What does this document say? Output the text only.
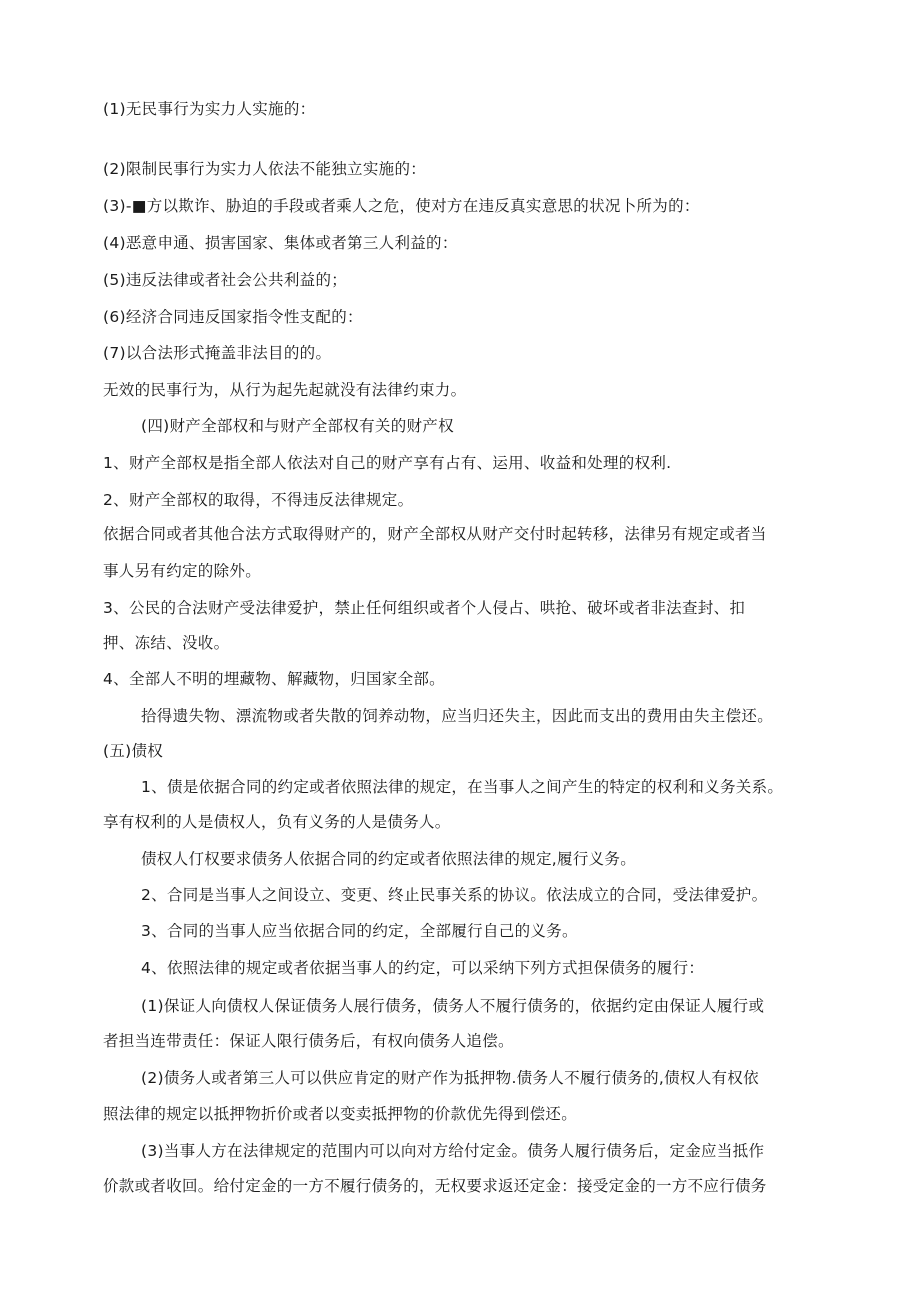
(1)无民事行为实力人实施的：
(2)限制民事行为实力人依法不能独立实施的：
(3)-■方以欺诈、胁迫的手段或者乘人之危，使对方在违反真实意思的状况卜所为的：
(4)恶意申通、损害国家、集体或者第三人利益的：
(5)违反法律或者社会公共利益的；
(6)经济合同违反国家指令性支配的：
(7)以合法形式掩盖非法目的的。
无效的民事行为，从行为起先起就没有法律约束力。
(四)财产全部权和与财产全部权有关的财产权
1、财产全部权是指全部人依法对自己的财产享有占有、运用、收益和处理的权利.
2、财产全部权的取得，不得违反法律规定。
依据合同或者其他合法方式取得财产的，财产全部权从财产交付时起转移，法律另有规定或者当
事人另有约定的除外。
3、公民的合法财产受法律爱护，禁止任何组织或者个人侵占、哄抢、破坏或者非法查封、扣
押、冻结、没收。
4、全部人不明的埋藏物、解藏物，归国家全部。
拾得遗失物、漂流物或者失散的饲养动物，应当归还失主，因此而支出的费用由失主偿还。
(五)债权
1、债是依据合同的约定或者依照法律的规定，在当事人之间产生的特定的权利和义务关系。
享有权利的人是债权人，负有义务的人是债务人。
债权人仃权要求债务人依据合同的约定或者依照法律的规定,履行义务。
2、合同是当事人之间设立、变更、终止民事关系的协议。依法成立的合同，受法律爱护。
3、合同的当事人应当依据合同的约定，全部履行自己的义务。
4、依照法律的规定或者依据当事人的约定，可以采纳下列方式担保债务的履行：
(1)保证人向债权人保证债务人展行债务，债务人不履行债务的，依据约定由保证人履行或
者担当连带责任：保证人限行债务后，有权向债务人追偿。
(2)债务人或者第三人可以供应肯定的财产作为抵押物.债务人不履行债务的,债权人有权依
照法律的规定以抵押物折价或者以变卖抵押物的价款优先得到偿还。
(3)当事人方在法律规定的范围内可以向对方给付定金。债务人履行债务后，定金应当抵作
价款或者收回。给付定金的一方不履行债务的，无权要求返还定金：接受定金的一方不应行债务
